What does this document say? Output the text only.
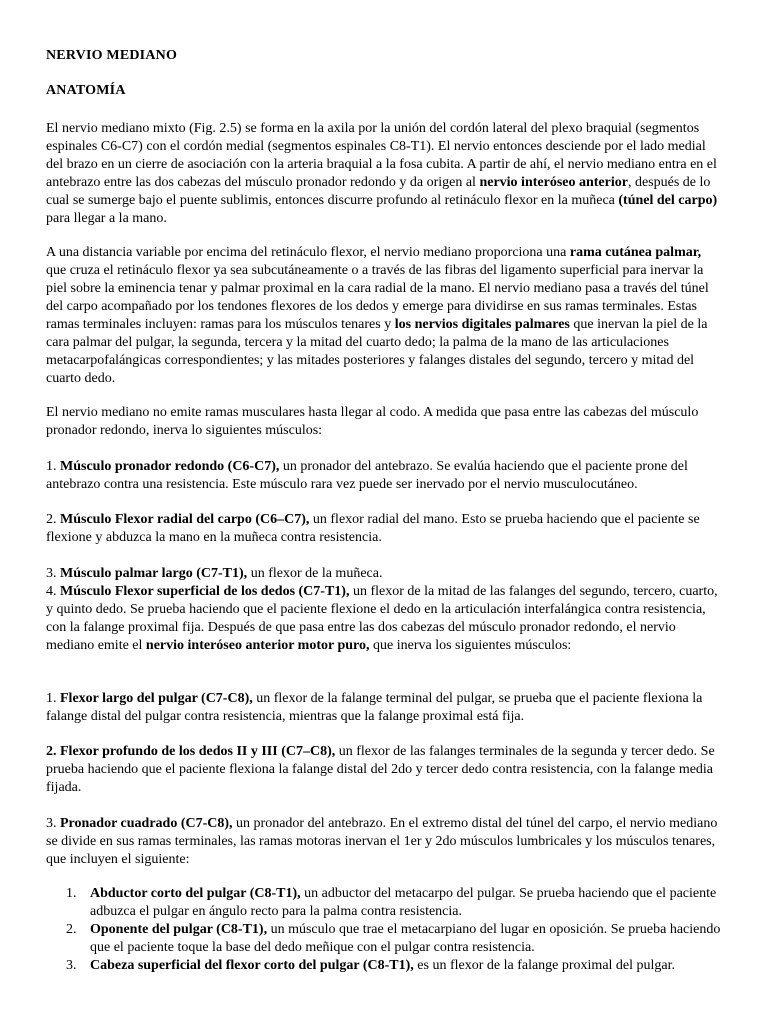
NERVIO MEDIANO

ANATOMÍA

El nervio mediano mixto (Fig. 2.5) se forma en la axila por la unión del cordón lateral del plexo braquial (segmentos espinales C6-C7) con el cordón medial (segmentos espinales C8-T1). El nervio entonces desciende por el lado medial del brazo en un cierre de asociación con la arteria braquial a la fosa cubita. A partir de ahí, el nervio mediano entra en el antebrazo entre las dos cabezas del músculo pronador redondo y da origen al nervio interóseo anterior, después de lo cual se sumerge bajo el puente sublimis, entonces discurre profundo al retináculo flexor en la muñeca (túnel del carpo) para llegar a la mano.

A una distancia variable por encima del retináculo flexor, el nervio mediano proporciona una rama cutánea palmar, que cruza el retináculo flexor ya sea subcutáneamente o a través de las fibras del ligamento superficial para inervar la piel sobre la eminencia tenar y palmar proximal en la cara radial de la mano. El nervio mediano pasa a través del túnel del carpo acompañado por los tendones flexores de los dedos y emerge para dividirse en sus ramas terminales. Estas ramas terminales incluyen: ramas para los músculos tenares y los nervios digitales palmares que inervan la piel de la cara palmar del pulgar, la segunda, tercera y la mitad del cuarto dedo; la palma de la mano de las articulaciones metacarpofalángicas correspondientes; y las mitades posteriores y falanges distales del segundo, tercero y mitad del cuarto dedo.

El nervio mediano no emite ramas musculares hasta llegar al codo. A medida que pasa entre las cabezas del músculo pronador redondo, inerva lo siguientes músculos:

1. Músculo pronador redondo (C6-C7), un pronador del antebrazo. Se evalúa haciendo que el paciente prone del antebrazo contra una resistencia. Este músculo rara vez puede ser inervado por el nervio musculocutáneo.

2. Músculo Flexor radial del carpo (C6–C7), un flexor radial del mano. Esto se prueba haciendo que el paciente se flexione y abduzca la mano en la muñeca contra resistencia.

3. Músculo palmar largo (C7-T1), un flexor de la muñeca.

4. Músculo Flexor superficial de los dedos (C7-T1), un flexor de la mitad de las falanges del segundo, tercero, cuarto, y quinto dedo. Se prueba haciendo que el paciente flexione el dedo en la articulación interfalángica contra resistencia, con la falange proximal fija. Después de que pasa entre las dos cabezas del músculo pronador redondo, el nervio mediano emite el nervio interóseo anterior motor puro, que inerva los siguientes músculos:

1. Flexor largo del pulgar (C7-C8), un flexor de la falange terminal del pulgar, se prueba que el paciente flexiona la falange distal del pulgar contra resistencia, mientras que la falange proximal está fija.

2. Flexor profundo de los dedos II y III (C7–C8), un flexor de las falanges terminales de la segunda y tercer dedo. Se prueba haciendo que el paciente flexiona la falange distal del 2do y tercer dedo contra resistencia, con la falange media fijada.

3. Pronador cuadrado (C7-C8), un pronador del antebrazo. En el extremo distal del túnel del carpo, el nervio mediano se divide en sus ramas terminales, las ramas motoras inervan el 1er y 2do músculos lumbricales y los músculos tenares, que incluyen el siguiente:

1. Abductor corto del pulgar (C8-T1), un adbuctor del metacarpo del pulgar. Se prueba haciendo que el paciente adbuzca el pulgar en ángulo recto para la palma contra resistencia.
2. Oponente del pulgar (C8-T1), un músculo que trae el metacarpiano del lugar en oposición. Se prueba haciendo que el paciente toque la base del dedo meñique con el pulgar contra resistencia.
3. Cabeza superficial del flexor corto del pulgar (C8-T1), es un flexor de la falange proximal del pulgar.
